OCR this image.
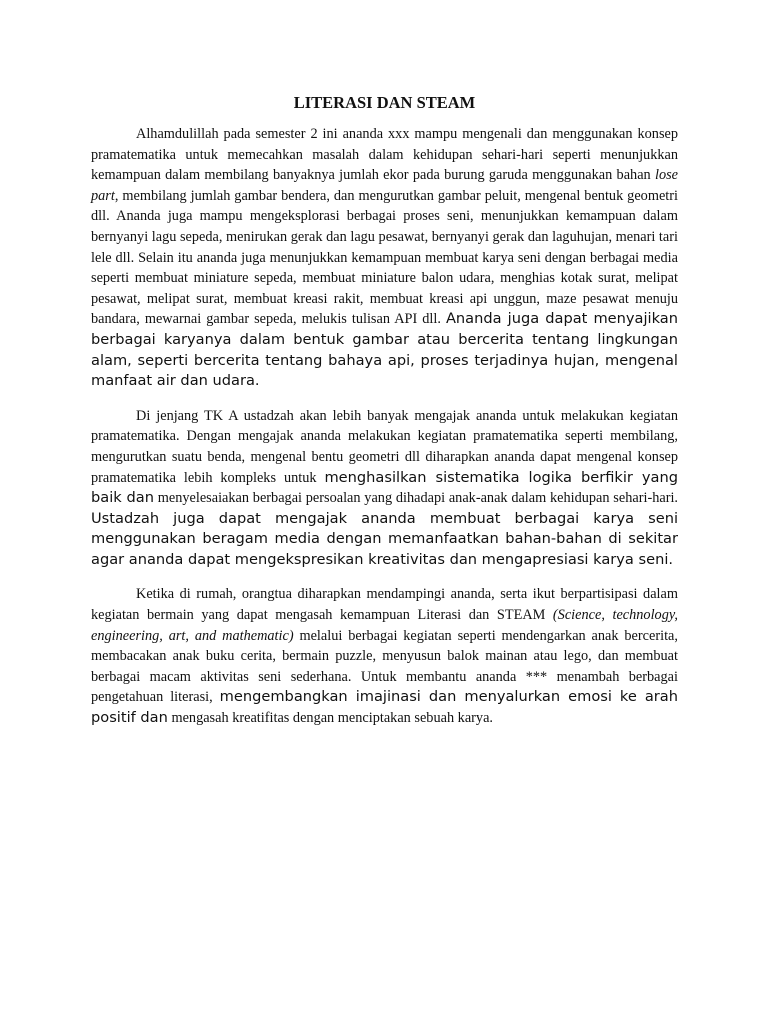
LITERASI DAN STEAM

Alhamdulillah pada semester 2 ini ananda xxx mampu mengenali dan menggunakan konsep pramatematika untuk memecahkan masalah dalam kehidupan sehari-hari seperti menunjukkan kemampuan dalam membilang banyaknya jumlah ekor pada burung garuda menggunakan bahan lose part, membilang jumlah gambar bendera, dan mengurutkan gambar peluit, mengenal bentuk geometri dll. Ananda juga mampu mengeksplorasi berbagai proses seni, menunjukkan kemampuan dalam bernyanyi lagu sepeda, menirukan gerak dan lagu pesawat, bernyanyi gerak dan laguhujan, menari tari lele dll. Selain itu ananda juga menunjukkan kemampuan membuat karya seni dengan berbagai media seperti membuat miniature sepeda, membuat miniature balon udara, menghias kotak surat, melipat pesawat, melipat surat, membuat kreasi rakit, membuat kreasi api unggun, maze pesawat menuju bandara, mewarnai gambar sepeda, melukis tulisan API dll. Ananda juga dapat menyajikan berbagai karyanya dalam bentuk gambar atau bercerita tentang lingkungan alam, seperti bercerita tentang bahaya api, proses terjadinya hujan, mengenal manfaat air dan udara.

Di jenjang TK A ustadzah akan lebih banyak mengajak ananda untuk melakukan kegiatan pramatematika. Dengan mengajak ananda melakukan kegiatan pramatematika seperti membilang, mengurutkan suatu benda, mengenal bentu geometri dll diharapkan ananda dapat mengenal konsep pramatematika lebih kompleks untuk menghasilkan sistematika logika berfikir yang baik dan menyelesaiakan berbagai persoalan yang dihadapi anak-anak dalam kehidupan sehari-hari. Ustadzah juga dapat mengajak ananda membuat berbagai karya seni menggunakan beragam media dengan memanfaatkan bahan-bahan di sekitar agar ananda dapat mengekspresikan kreativitas dan mengapresiasi karya seni.

Ketika di rumah, orangtua diharapkan mendampingi ananda, serta ikut berpartisipasi dalam kegiatan bermain yang dapat mengasah kemampuan Literasi dan STEAM (Science, technology, engineering, art, and mathematic) melalui berbagai kegiatan seperti mendengarkan anak bercerita, membacakan anak buku cerita, bermain puzzle, menyusun balok mainan atau lego, dan membuat berbagai macam aktivitas seni sederhana. Untuk membantu ananda *** menambah berbagai pengetahuan literasi, mengembangkan imajinasi dan menyalurkan emosi ke arah positif dan mengasah kreatifitas dengan menciptakan sebuah karya.
